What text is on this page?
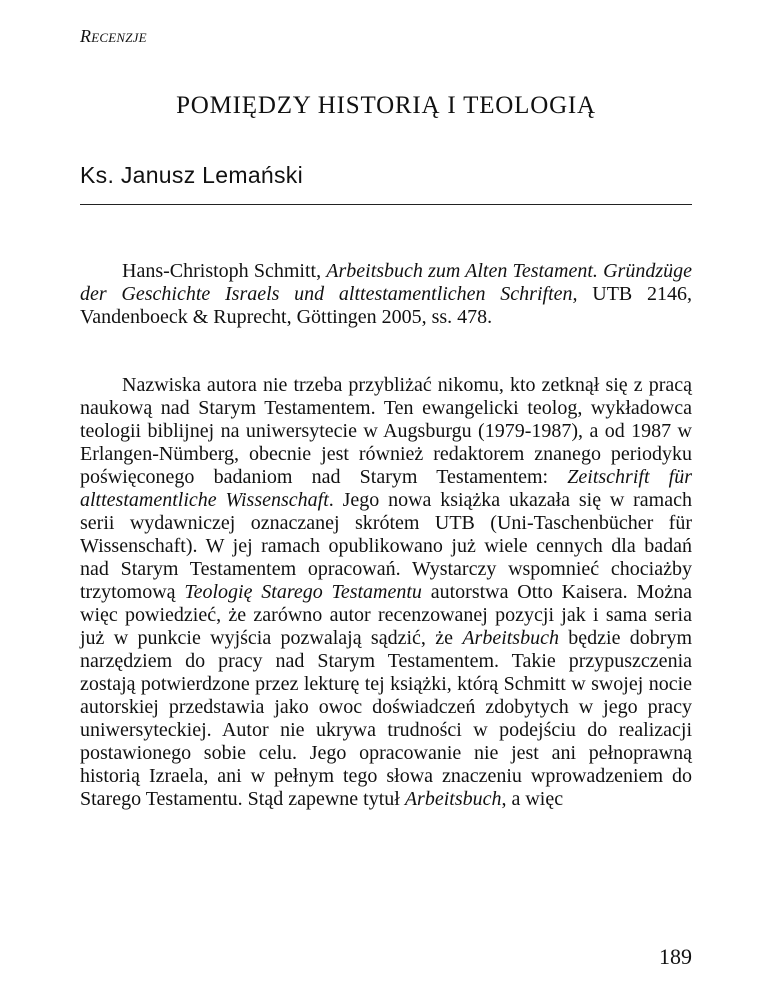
Recenzje
POMIĘDZY HISTORIĄ I TEOLOGIĄ
Ks. Janusz Lemański

Hans-Christoph Schmitt, Arbeitsbuch zum Alten Testament. Gründzüge der Geschichte Israels und alttestamentlichen Schriften, UTB 2146, Vandenboeck & Ruprecht, Göttingen 2005, ss. 478.

Nazwiska autora nie trzeba przybliżać nikomu, kto zetknął się z pracą naukową nad Starym Testamentem. Ten ewangelicki teolog, wykładowca teologii biblijnej na uniwersytecie w Augsburgu (1979-1987), a od 1987 w Erlangen-Nümberg, obecnie jest również redaktorem znanego periodyku poświęconego badaniom nad Starym Testamentem: Zeitschrift für alttestamentliche Wissenschaft. Jego nowa książka ukazała się w ramach serii wydawniczej oznaczanej skrótem UTB (Uni-Taschenbücher für Wissenschaft). W jej ramach opublikowano już wiele cennych dla badań nad Starym Testamentem opracowań. Wystarczy wspomnieć chociażby trzytomową Teologię Starego Testamentu autorstwa Otto Kaisera. Można więc powiedzieć, że zarówno autor recenzowanej pozycji jak i sama seria już w punkcie wyjścia pozwalają sądzić, że Arbeitsbuch będzie dobrym narzędziem do pracy nad Starym Testamentem. Takie przypuszczenia zostają potwierdzone przez lekturę tej książki, którą Schmitt w swojej nocie autorskiej przedstawia jako owoc doświadczeń zdobytych w jego pracy uniwersyteckiej. Autor nie ukrywa trudności w podejściu do realizacji postawionego sobie celu. Jego opracowanie nie jest ani pełnoprawną historią Izraela, ani w pełnym tego słowa znaczeniu wprowadzeniem do Starego Testamentu. Stąd zapewne tytuł Arbeitsbuch, a więc

189
